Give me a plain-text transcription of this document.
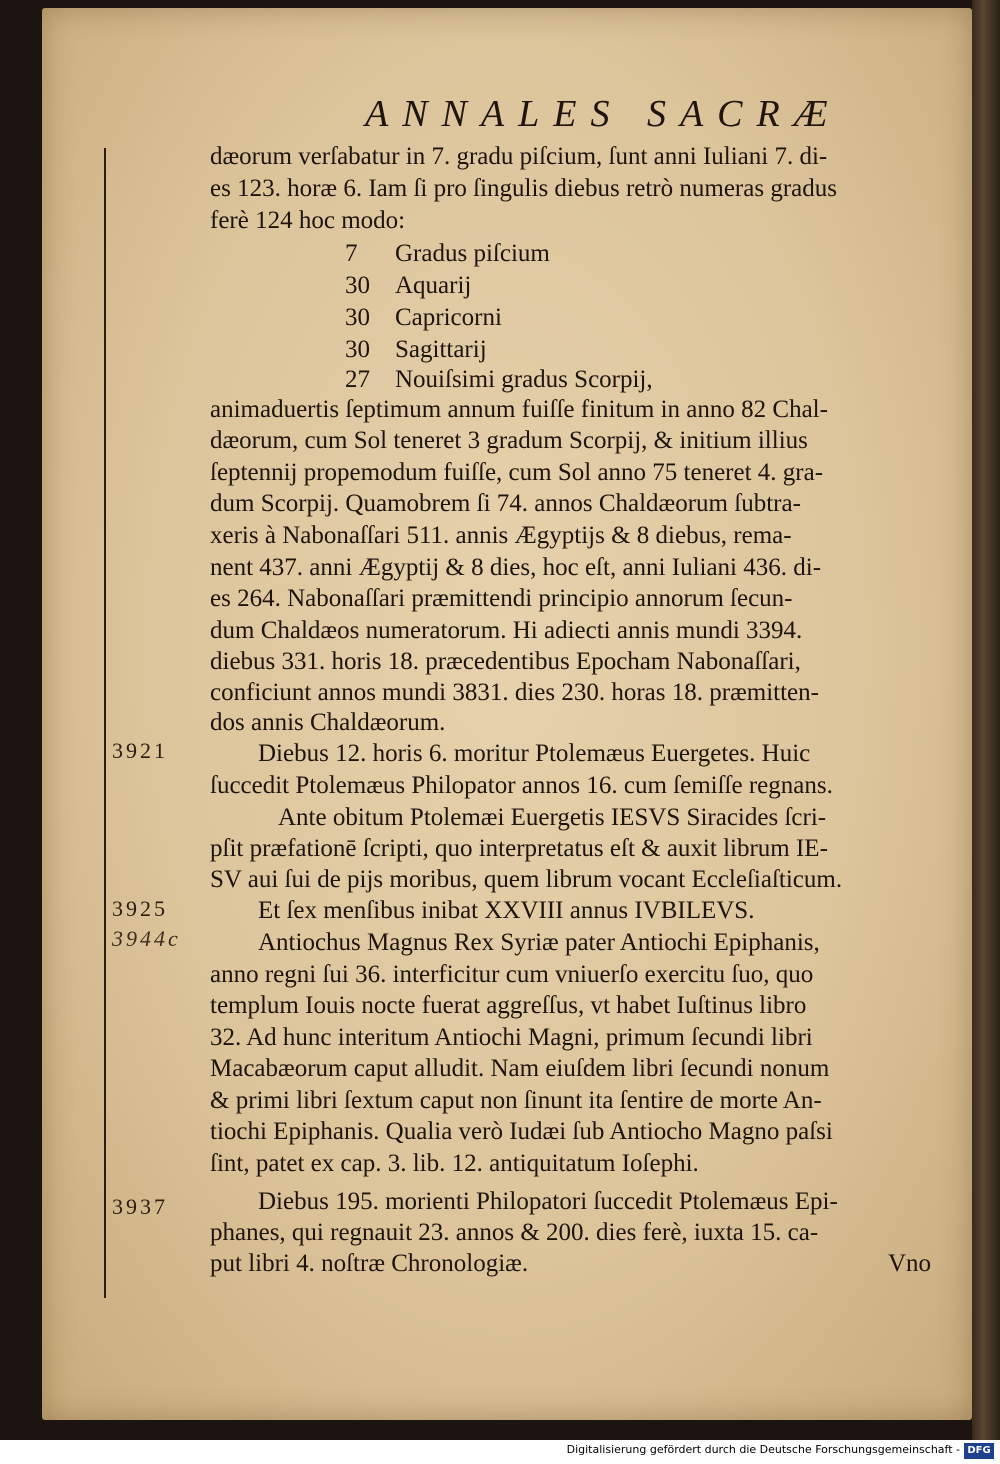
ANNALES SACRÆ
dæorum verſabatur in 7. gradu piſcium, ſunt anni Iuliani 7. di-
es 123. horæ 6. Iam ſi pro ſingulis diebus retrò numeras gradus
ferè 124 hoc modo:
7 Gradus piſcium
30 Aquarij
30 Capricorni
30 Sagittarij
27 Nouiſsimi gradus Scorpij,
animaduertis ſeptimum annum fuiſſe finitum in anno 82 Chal-
dæorum, cum Sol teneret 3 gradum Scorpij, & initium illius
ſeptennij propemodum fuiſſe, cum Sol anno 75 teneret 4. gra-
dum Scorpij. Quamobrem ſi 74. annos Chaldæorum ſubtra-
xeris à Nabonaſſari 511. annis Ægyptijs & 8 diebus, rema-
nent 437. anni Ægyptij & 8 dies, hoc eſt, anni Iuliani 436. di-
es 264. Nabonaſſari præmittendi principio annorum ſecun-
dum Chaldæos numeratorum. Hi adiecti annis mundi 3394.
diebus 331. horis 18. præcedentibus Epocham Nabonaſſari,
conficiunt annos mundi 3831. dies 230. horas 18. præmitten-
dos annis Chaldæorum.
3921	Diebus 12. horis 6. moritur Ptolemæus Euergetes. Huic
ſuccedit Ptolemæus Philopator annos 16. cum ſemiſſe regnans.
Ante obitum Ptolemæi Euergetis IESVS Siracides ſcri-
pſit præfationē ſcripti, quo interpretatus eſt & auxit librum IE-
SV aui ſui de pijs moribus, quem librum vocant Eccleſiaſticum.
3925	Et ſex menſibus inibat XXVIII annus IVBILEVS.
3944c	Antiochus Magnus Rex Syriæ pater Antiochi Epiphanis,
anno regni ſui 36. interficitur cum vniuerſo exercitu ſuo, quo
templum Iouis nocte fuerat aggreſſus, vt habet Iuſtinus libro
32. Ad hunc interitum Antiochi Magni, primum ſecundi libri
Macabæorum caput alludit. Nam eiuſdem libri ſecundi nonum
& primi libri ſextum caput non ſinunt ita ſentire de morte An-
tiochi Epiphanis. Qualia verò Iudæi ſub Antiocho Magno paſsi
ſint, patet ex cap. 3. lib. 12. antiquitatum Ioſephi.
3937	Diebus 195. morienti Philopatori ſuccedit Ptolemæus Epi-
phanes, qui regnauit 23. annos & 200. dies ferè, iuxta 15. ca-
put libri 4. noſtræ Chronologiæ.	Vno
Digitalisierung gefördert durch die Deutsche Forschungsgemeinschaft - DFG
